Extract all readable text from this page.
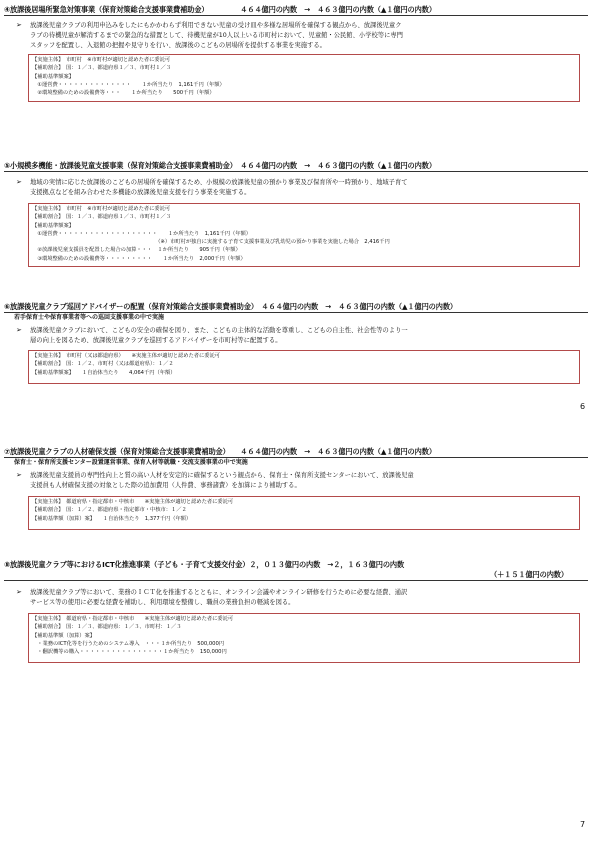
④放課後居場所緊急対策事業（保育対策総合支援事業費補助金）　　　　　４６４億円の内数　→　４６３億円の内数（▲１億円の内数）
➢	放課後児童クラブの利用申込みをしたにもかかわらず利用できない児童の受け皿や多様な居場所を確保する観点から、放課後児童ク
ラブの待機児童が解消するまでの緊急的な措置として、待機児童が10人以上いる市町村において、児童館・公民館、小学校等に専門
スタッフを配置し、入退館の把握や見守りを行い、放課後のこどもの居場所を提供する事業を実施する。
【実施主体】　市町村　※市町村が適切と認めた者に委託可
【補助割合】　国：１／３、都道府県１／３、市町村１／３
【補助基準額案】
　①運営費・・・・・・・・・・・・・・　　１か所当たり　1,161千円（年額）
　②環境整備のための設備費等・・・　　１か所当たり　　500千円（年額）
⑤小規模多機能・放課後児童支援事業（保育対策総合支援事業費補助金）　４６４億円の内数　→　４６３億円の内数（▲１億円の内数）
➢	地域の実情に応じた放課後のこどもの居場所を確保するため、小規模の放課後児童の預かり事業及び保育所や一時預かり、地域子育て
支援拠点などを組み合わせた多機能の放課後児童支援を行う事業を実施する。
【実施主体】　市町村　※市町村が適切と認めた者に委託可
【補助割合】　国：１／３、都道府県１／３、市町村１／３
【補助基準額案】
　①運営費・・・・・・・・・・・・・・・・・・・　　１か所当たり　1,161千円（年額）
　　　　　　　　　　　　　　　　　　　　　　　　（※）市町村が独自に実施する子育て支援事業及び乳幼児の預かり事業を実施した場合　2,416千円
　②放課後児童支援員を配置した場合の加算・・・　１か所当たり　　905千円（年額）
　③環境整備のための設備費等・・・・・・・・・　　１か所当たり　2,000千円（年額）
⑥放課後児童クラブ巡回アドバイザーの配置（保育対策総合支援事業費補助金）　４６４億円の内数　→　４６３億円の内数（▲１億円の内数）
若手保育士や保育事業者等への巡回支援事業の中で実施
➢	放課後児童クラブにおいて、こどもの安全の確保を図り、また、こどもの主体的な活動を尊重し、こどもの自主性、社会性等のより一
層の向上を図るため、放課後児童クラブを巡回するアドバイザーを市町村等に配置する。
【実施主体】　市町村（又は都道府県）　　※実施主体が適切と認めた者に委託可
【補助割合】　国：１／２、市町村（又は都道府県）：１／２
【補助基準額案】　　１自治体当たり　　4,064千円（年額）
6
⑦放課後児童クラブの人材確保支援（保育対策総合支援事業費補助金）　　４６４億円の内数　→　４６３億円の内数（▲１億円の内数）
保育士・保育所支援センター設置運営事業、保育人材等就職・交流支援事業の中で実施
➢	放課後児童支援員の専門性向上と質の高い人材を安定的に確保するという観点から、保育士・保育所支援センターにおいて、放課後児童
支援員も人材確保支援の対象とした際の追加費用（人件費、事務諸費）を加算により補助する。
【実施主体】　都道府県・指定都市・中核市　　※実施主体が適切と認めた者に委託可
【補助割合】　国：１／２、都道府県・指定都市・中核市：１／２
【補助基準額（加算）案】　　１自治体当たり　1,377千円（年額）
⑧放課後児童クラブ等におけるICT化推進事業（子ども・子育て支援交付金）２，０１３億円の内数　→２，１６３億円の内数
（＋１５１億円の内数）
➢	放課後児童クラブ等において、業務のＩＣＴ化を推進するとともに、オンライン会議やオンライン研修を行うために必要な経費、通訳
サービス等の使用に必要な経費を補助し、利用環境を整備し、職員の業務負担の軽減を図る。
【実施主体】　都道府県・指定都市・中核市　　※実施主体が適切と認めた者に委託可
【補助割合】　国：１／３、都道府県：１／３、市町村：１／３
【補助基準額（加算）案】
　・業務のICT化等を行うためのシステム導入　・・・１か所当たり　500,000円
　・翻訳機等の購入・・・・・・・・・・・・・・・・１か所当たり　150,000円
7
